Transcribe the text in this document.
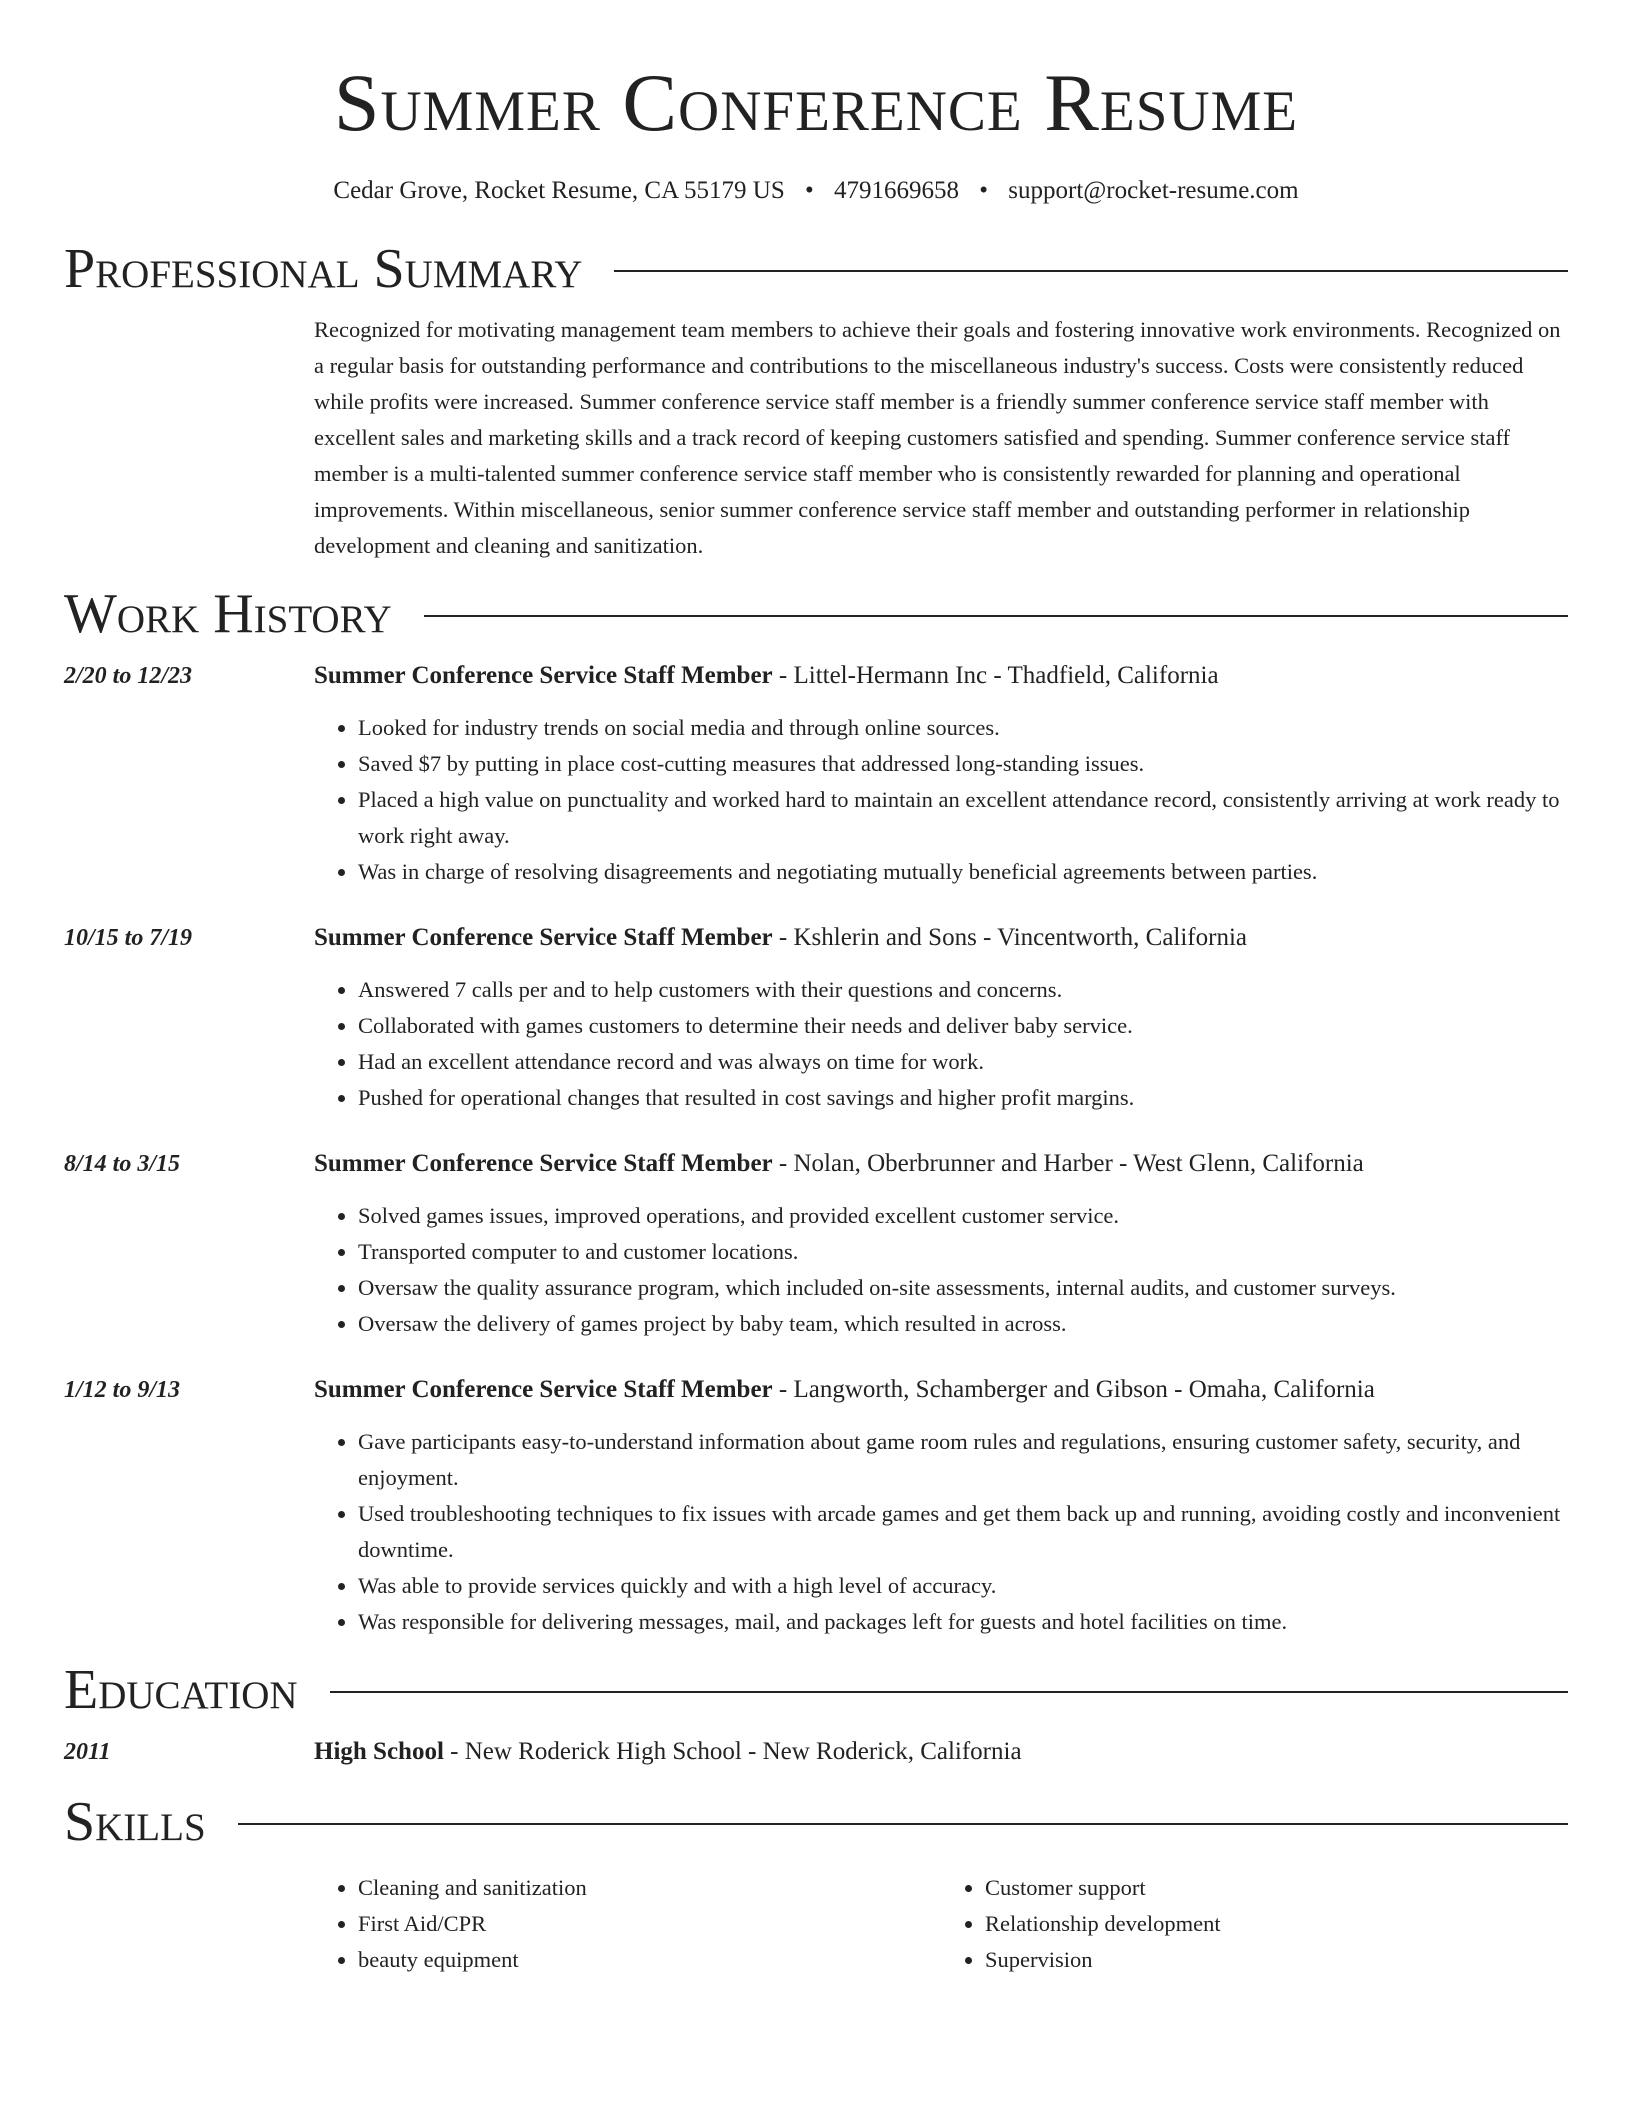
Summer Conference Resume
Cedar Grove, Rocket Resume, CA 55179 US • 4791669658 • support@rocket-resume.com
Professional Summary
Recognized for motivating management team members to achieve their goals and fostering innovative work environments. Recognized on a regular basis for outstanding performance and contributions to the miscellaneous industry's success. Costs were consistently reduced while profits were increased. Summer conference service staff member is a friendly summer conference service staff member with excellent sales and marketing skills and a track record of keeping customers satisfied and spending. Summer conference service staff member is a multi-talented summer conference service staff member who is consistently rewarded for planning and operational improvements. Within miscellaneous, senior summer conference service staff member and outstanding performer in relationship development and cleaning and sanitization.
Work History
2/20 to 12/23	Summer Conference Service Staff Member - Littel-Hermann Inc - Thadfield, California
• Looked for industry trends on social media and through online sources.
• Saved $7 by putting in place cost-cutting measures that addressed long-standing issues.
• Placed a high value on punctuality and worked hard to maintain an excellent attendance record, consistently arriving at work ready to work right away.
• Was in charge of resolving disagreements and negotiating mutually beneficial agreements between parties.
10/15 to 7/19	Summer Conference Service Staff Member - Kshlerin and Sons - Vincentworth, California
• Answered 7 calls per and to help customers with their questions and concerns.
• Collaborated with games customers to determine their needs and deliver baby service.
• Had an excellent attendance record and was always on time for work.
• Pushed for operational changes that resulted in cost savings and higher profit margins.
8/14 to 3/15	Summer Conference Service Staff Member - Nolan, Oberbrunner and Harber - West Glenn, California
• Solved games issues, improved operations, and provided excellent customer service.
• Transported computer to and customer locations.
• Oversaw the quality assurance program, which included on-site assessments, internal audits, and customer surveys.
• Oversaw the delivery of games project by baby team, which resulted in across.
1/12 to 9/13	Summer Conference Service Staff Member - Langworth, Schamberger and Gibson - Omaha, California
• Gave participants easy-to-understand information about game room rules and regulations, ensuring customer safety, security, and enjoyment.
• Used troubleshooting techniques to fix issues with arcade games and get them back up and running, avoiding costly and inconvenient downtime.
• Was able to provide services quickly and with a high level of accuracy.
• Was responsible for delivering messages, mail, and packages left for guests and hotel facilities on time.
Education
2011	High School - New Roderick High School - New Roderick, California
Skills
• Cleaning and sanitization
• First Aid/CPR
• beauty equipment
• Customer support
• Relationship development
• Supervision
